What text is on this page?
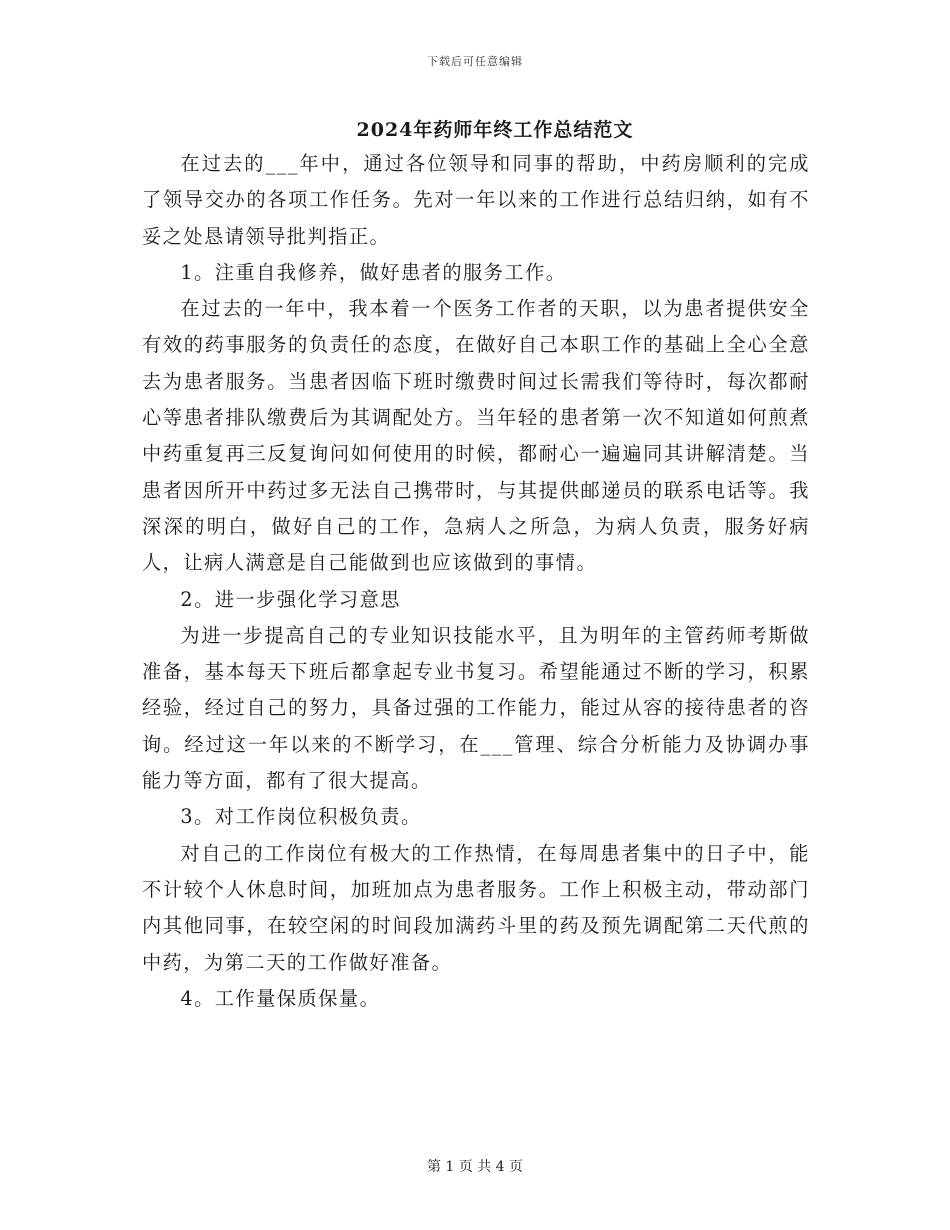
下载后可任意编辑
2024年药师年终工作总结范文

在过去的___年中，通过各位领导和同事的帮助，中药房顺利的完成了领导交办的各项工作任务。先对一年以来的工作进行总结归纳，如有不妥之处恳请领导批判指正。

1。注重自我修养，做好患者的服务工作。

在过去的一年中，我本着一个医务工作者的天职，以为患者提供安全有效的药事服务的负责任的态度，在做好自己本职工作的基础上全心全意去为患者服务。当患者因临下班时缴费时间过长需我们等待时，每次都耐心等患者排队缴费后为其调配处方。当年轻的患者第一次不知道如何煎煮中药重复再三反复询问如何使用的时候，都耐心一遍遍同其讲解清楚。当患者因所开中药过多无法自己携带时，与其提供邮递员的联系电话等。我深深的明白，做好自己的工作，急病人之所急，为病人负责，服务好病人，让病人满意是自己能做到也应该做到的事情。

2。进一步强化学习意思

为进一步提高自己的专业知识技能水平，且为明年的主管药师考斯做准备，基本每天下班后都拿起专业书复习。希望能通过不断的学习，积累经验，经过自己的努力，具备过强的工作能力，能过从容的接待患者的咨询。经过这一年以来的不断学习，在___管理、综合分析能力及协调办事能力等方面，都有了很大提高。

3。对工作岗位积极负责。

对自己的工作岗位有极大的工作热情，在每周患者集中的日子中，能不计较个人休息时间，加班加点为患者服务。工作上积极主动，带动部门内其他同事，在较空闲的时间段加满药斗里的药及预先调配第二天代煎的中药，为第二天的工作做好准备。

4。工作量保质保量。

第 1 页 共 4 页
